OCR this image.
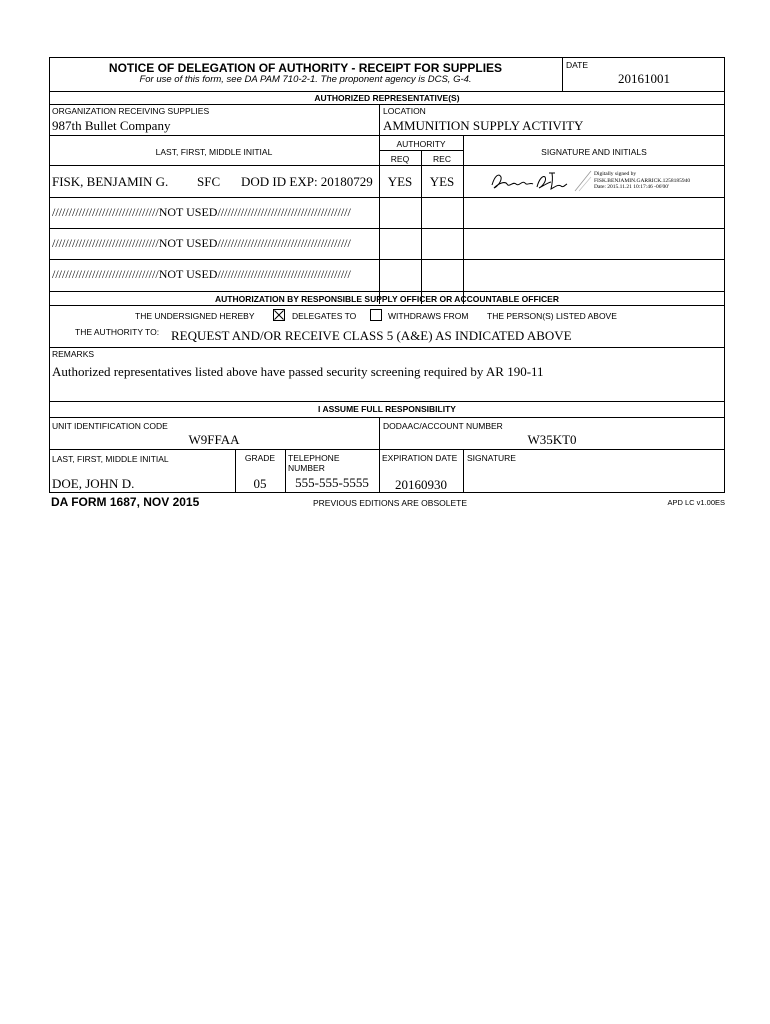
NOTICE OF DELEGATION OF AUTHORITY - RECEIPT FOR SUPPLIES
For use of this form, see DA PAM 710-2-1. The proponent agency is DCS, G-4.
DATE
20161001
AUTHORIZED REPRESENTATIVE(S)
ORGANIZATION RECEIVING SUPPLIES
987th Bullet Company
LOCATION
AMMUNITION SUPPLY ACTIVITY
LAST, FIRST, MIDDLE INITIAL
AUTHORITY
REQ	REC
SIGNATURE AND INITIALS
FISK, BENJAMIN G. SFC DOD ID EXP: 20180729	YES	YES	Digitally signed by
FISK.BENJAMIN.GARRICK.1258185940
Date: 2015.11.21 10:17:46 -06'00'
////////////////////////////////NOT USED////////////////////////////////////////
////////////////////////////////NOT USED////////////////////////////////////////
////////////////////////////////NOT USED////////////////////////////////////////
AUTHORIZATION BY RESPONSIBLE SUPPLY OFFICER OR ACCOUNTABLE OFFICER
THE UNDERSIGNED HEREBY	DELEGATES TO	WITHDRAWS FROM THE PERSON(S) LISTED ABOVE
THE AUTHORITY TO: REQUEST AND/OR RECEIVE CLASS 5 (A&E) AS INDICATED ABOVE
REMARKS
Authorized representatives listed above have passed security screening required by AR 190-11
I ASSUME FULL RESPONSIBILITY
UNIT IDENTIFICATION CODE
W9FFAA
DODAAC/ACCOUNT NUMBER
W35KT0
LAST, FIRST, MIDDLE INITIAL
DOE, JOHN D.
GRADE
05
TELEPHONE
NUMBER
555-555-5555
EXPIRATION DATE
20160930
SIGNATURE
DA FORM 1687, NOV 2015	PREVIOUS EDITIONS ARE OBSOLETE	APD LC v1.00ES
